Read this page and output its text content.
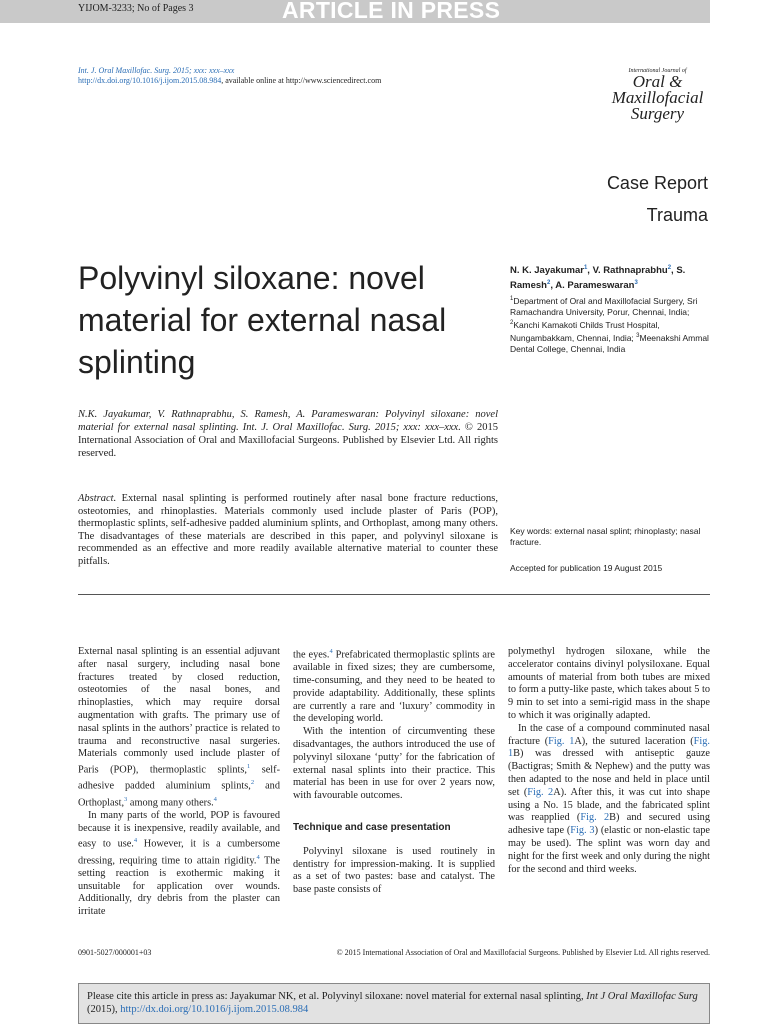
YIJOM-3233; No of Pages 3	ARTICLE IN PRESS
Int. J. Oral Maxillofac. Surg. 2015; xxx: xxx–xxx
http://dx.doi.org/10.1016/j.ijom.2015.08.984, available online at http://www.sciencedirect.com
International Journal of
Oral &
Maxillofacial
Surgery
Case Report
Trauma
Polyvinyl siloxane: novel material for external nasal splinting
N. K. Jayakumar$^1$, V. Rathnaprabhu$^2$, S. Ramesh$^2$, A. Parameswaran$^3$
$^1$Department of Oral and Maxillofacial Surgery, Sri Ramachandra University, Porur, Chennai, India; $^2$Kanchi Kamakoti Childs Trust Hospital, Nungambakkam, Chennai, India; $^3$Meenakshi Ammal Dental College, Chennai, India
N.K. Jayakumar, V. Rathnaprabhu, S. Ramesh, A. Parameswaran: Polyvinyl siloxane: novel material for external nasal splinting. Int. J. Oral Maxillofac. Surg. 2015; xxx: xxx–xxx. © 2015 International Association of Oral and Maxillofacial Surgeons. Published by Elsevier Ltd. All rights reserved.
Abstract. External nasal splinting is performed routinely after nasal bone fracture reductions, osteotomies, and rhinoplasties. Materials commonly used include plaster of Paris (POP), thermoplastic splints, self-adhesive padded aluminium splints, and Orthoplast, among many others. The disadvantages of these materials are described in this paper, and polyvinyl siloxane is recommended as an effective and more readily available alternative material to counter these pitfalls.
Key words: external nasal splint; rhinoplasty; nasal fracture.
Accepted for publication 19 August 2015

External nasal splinting is an essential adjuvant after nasal surgery, including nasal bone fractures treated by closed reduction, osteotomies of the nasal bones, and rhinoplasties, which may require dorsal augmentation with grafts. The primary use of nasal splints in the authors’ practice is related to trauma and reconstructive nasal surgeries. Materials commonly used include plaster of Paris (POP), thermoplastic splints,$^1$ self-adhesive padded aluminium splints,$^2$ and Orthoplast,$^3$ among many others.$^4$

In many parts of the world, POP is favoured because it is inexpensive, readily available, and easy to use.$^4$ However, it is a cumbersome dressing, requiring time to attain rigidity.$^4$ The setting reaction is exothermic making it unsuitable for application over wounds. Additionally, dry debris from the plaster can irritate

the eyes.$^4$ Prefabricated thermoplastic splints are available in fixed sizes; they are cumbersome, time-consuming, and they need to be heated to provide adaptability. Additionally, these splints are currently a rare and ‘luxury’ commodity in the developing world.

With the intention of circumventing these disadvantages, the authors introduced the use of polyvinyl siloxane ‘putty’ for the fabrication of external nasal splints into their practice. This material has been in use for over 2 years now, with favourable outcomes.

Technique and case presentation

Polyvinyl siloxane is used routinely in dentistry for impression-making. It is supplied as a set of two pastes: base and catalyst. The base paste consists of

polymethyl hydrogen siloxane, while the accelerator contains divinyl polysiloxane. Equal amounts of material from both tubes are mixed to form a putty-like paste, which takes about 5 to 9 min to set into a semi-rigid mass in the shape to which it was originally adapted.

In the case of a compound comminuted nasal fracture (Fig. 1A), the sutured laceration (Fig. 1B) was dressed with antiseptic gauze (Bactigras; Smith & Nephew) and the putty was then adapted to the nose and held in place until set (Fig. 2A). After this, it was cut into shape using a No. 15 blade, and the fabricated splint was reapplied (Fig. 2B) and secured using adhesive tape (Fig. 3) (elastic or non-elastic tape may be used). The splint was worn day and night for the first week and only during the night for the second and third weeks.

0901-5027/000001+03	© 2015 International Association of Oral and Maxillofacial Surgeons. Published by Elsevier Ltd. All rights reserved.
Please cite this article in press as: Jayakumar NK, et al. Polyvinyl siloxane: novel material for external nasal splinting, Int J Oral Maxillofac Surg (2015), http://dx.doi.org/10.1016/j.ijom.2015.08.984
